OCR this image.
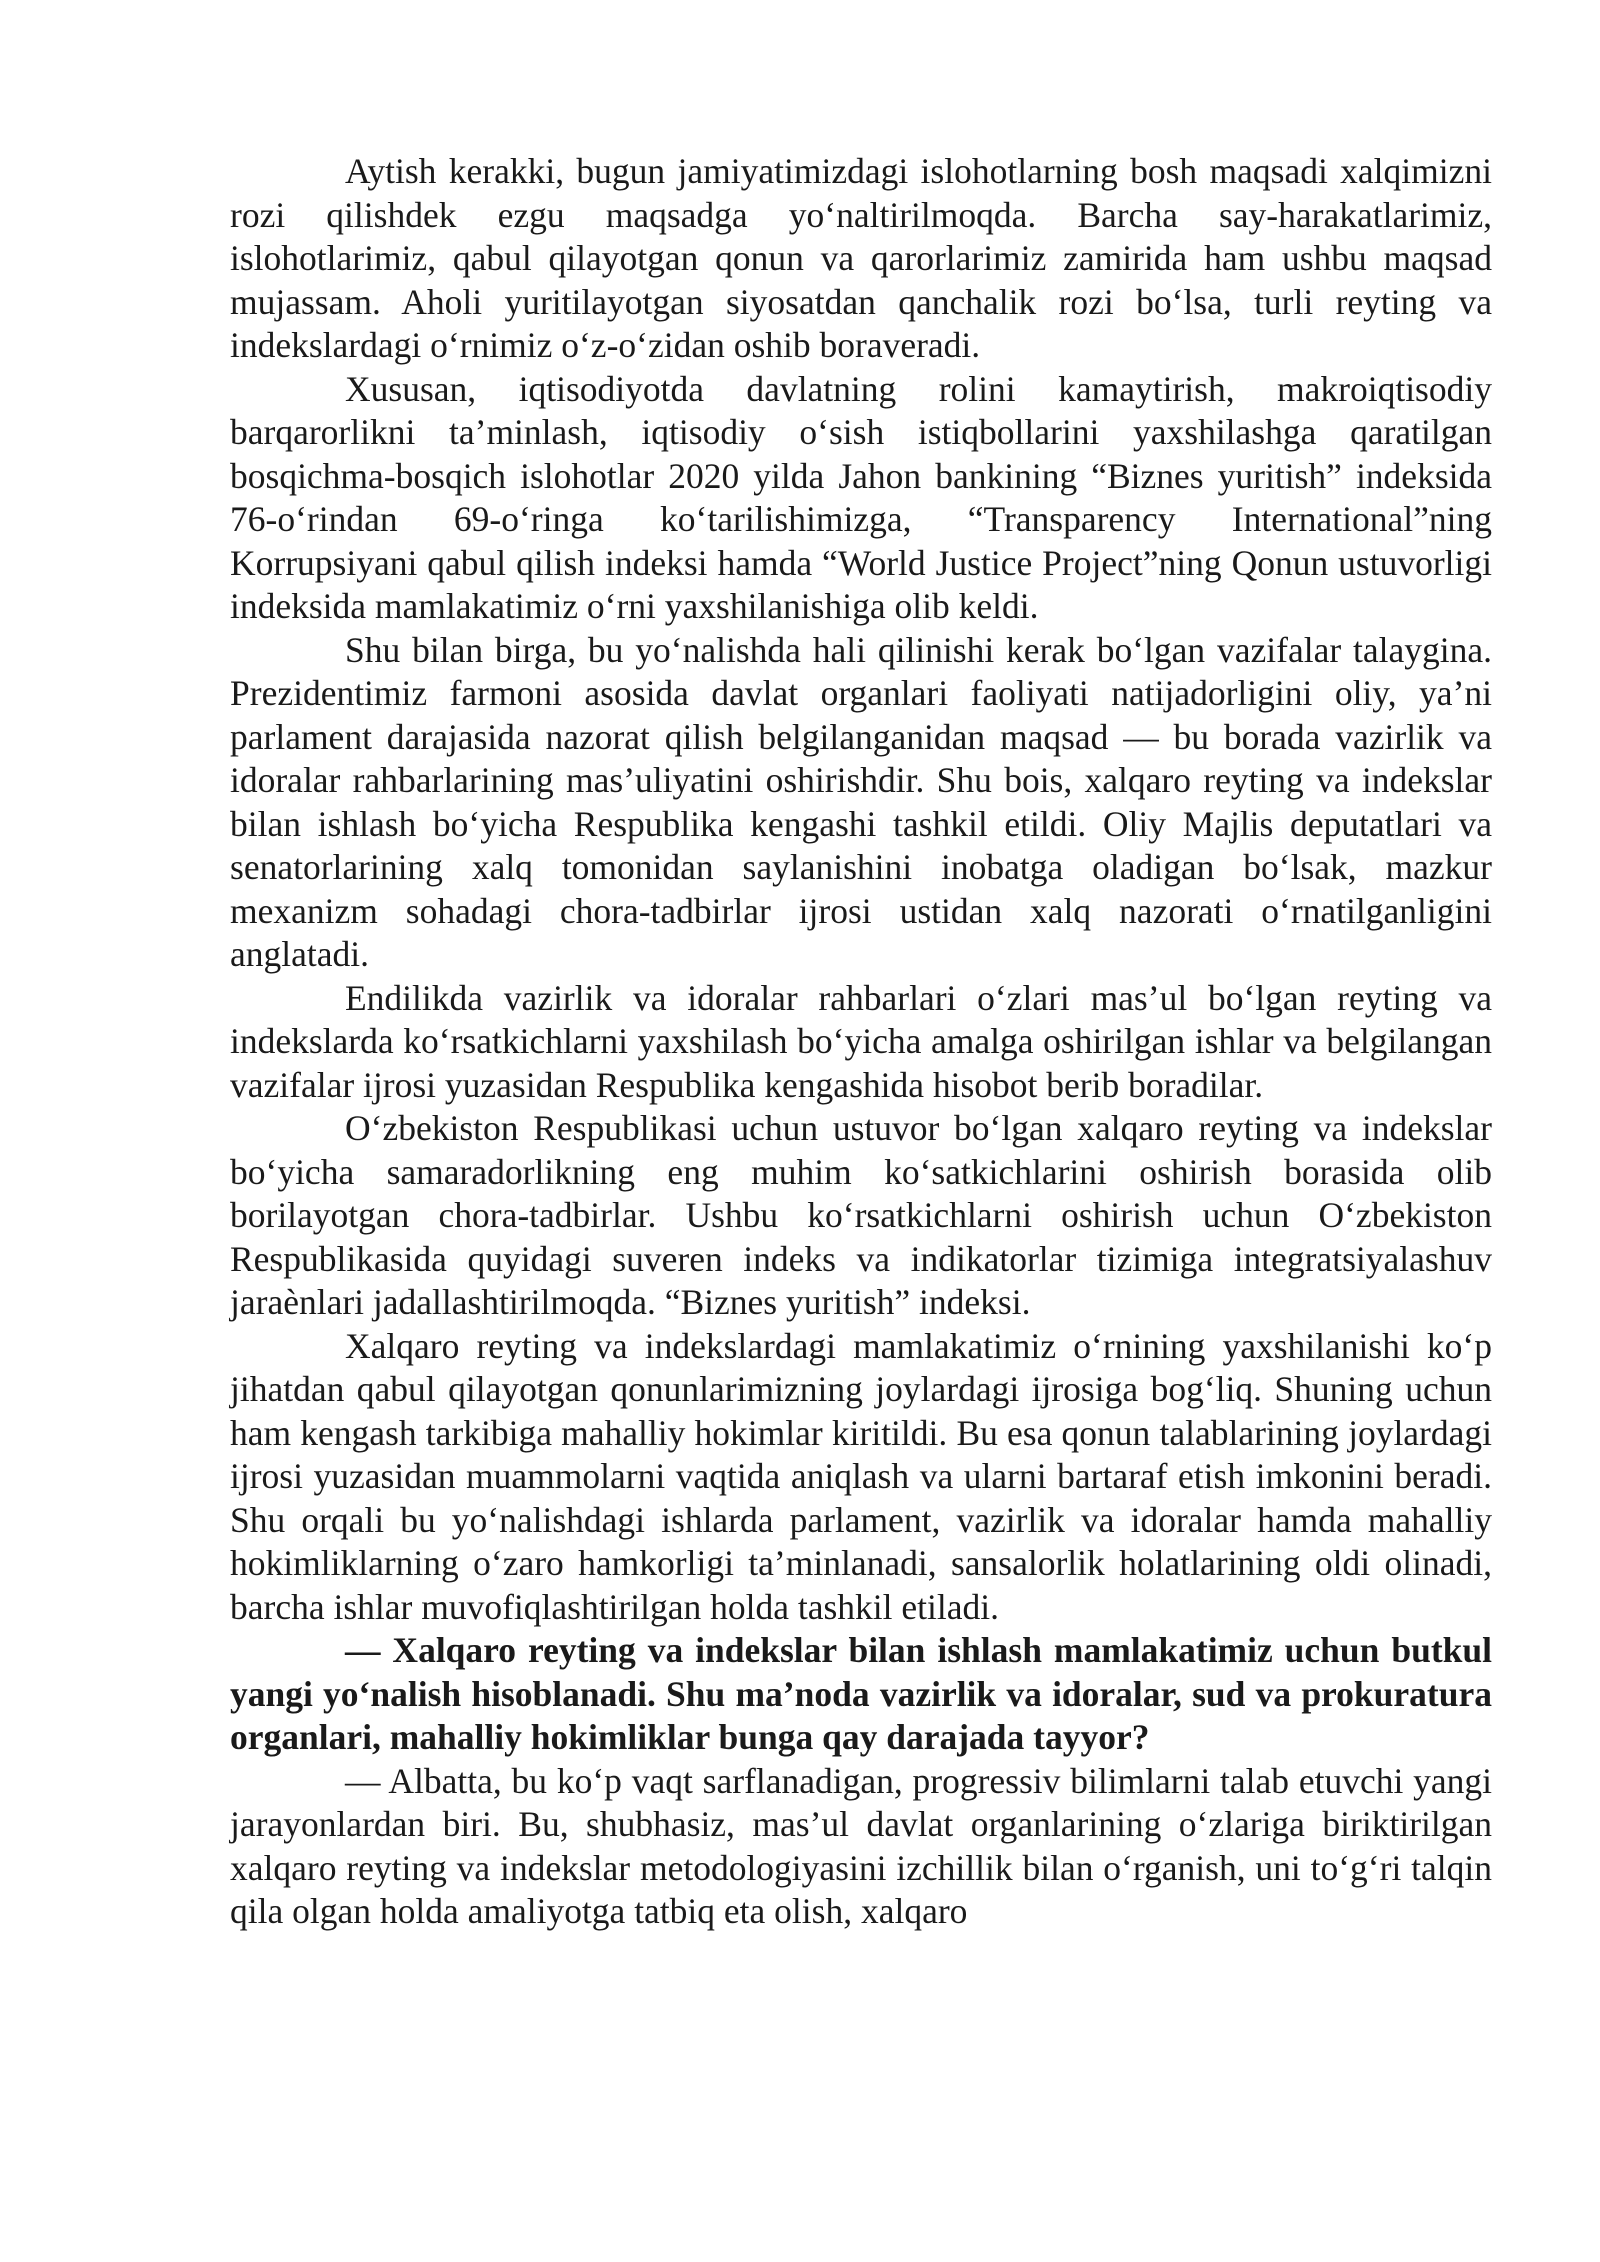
Aytish kerakki, bugun jamiyatimizdagi islohotlarning bosh maqsadi xalqimizni rozi qilishdek ezgu maqsadga yo‘naltirilmoqda. Barcha say-harakatlarimiz, islohotlarimiz, qabul qilayotgan qonun va qarorlarimiz zamirida ham ushbu maqsad mujassam. Aholi yuritilayotgan siyosatdan qanchalik rozi bo‘lsa, turli reyting va indekslardagi o‘rnimiz o‘z-o‘zidan oshib boraveradi.

Xususan, iqtisodiyotda davlatning rolini kamaytirish, makroiqtisodiy barqarorlikni ta’minlash, iqtisodiy o‘sish istiqbollarini yaxshilashga qaratilgan bosqichma-bosqich islohotlar 2020 yilda Jahon bankining “Biznes yuritish” indeksida 76-o‘rindan 69-o‘ringa ko‘tarilishimizga, “Transparency International”ning Korrupsiyani qabul qilish indeksi hamda “World Justice Project”ning Qonun ustuvorligi indeksida mamlakatimiz o‘rni yaxshilanishiga olib keldi.

Shu bilan birga, bu yo‘nalishda hali qilinishi kerak bo‘lgan vazifalar talaygina. Prezidentimiz farmoni asosida davlat organlari faoliyati natijadorligini oliy, ya’ni parlament darajasida nazorat qilish belgilanganidan maqsad — bu borada vazirlik va idoralar rahbarlarining mas’uliyatini oshirishdir. Shu bois, xalqaro reyting va indekslar bilan ishlash bo‘yicha Respublika kengashi tashkil etildi. Oliy Majlis deputatlari va senatorlarining xalq tomonidan saylanishini inobatga oladigan bo‘lsak, mazkur mexanizm sohadagi chora-tadbirlar ijrosi ustidan xalq nazorati o‘rnatilganligini anglatadi.

Endilikda vazirlik va idoralar rahbarlari o‘zlari mas’ul bo‘lgan reyting va indekslarda ko‘rsatkichlarni yaxshilash bo‘yicha amalga oshirilgan ishlar va belgilangan vazifalar ijrosi yuzasidan Respublika kengashida hisobot berib boradilar.

O‘zbekiston Respublikasi uchun ustuvor bo‘lgan xalqaro reyting va indekslar bo‘yicha samaradorlikning eng muhim ko‘satkichlarini oshirish borasida olib borilayotgan chora-tadbirlar. Ushbu ko‘rsatkichlarni oshirish uchun O‘zbekiston Respublikasida quyidagi suveren indeks va indikatorlar tizimiga integratsiyalashuv jaraènlari jadallashtirilmoqda. “Biznes yuritish” indeksi.

Xalqaro reyting va indekslardagi mamlakatimiz o‘rnining yaxshilanishi ko‘p jihatdan qabul qilayotgan qonunlarimizning joylardagi ijrosiga bog‘liq. Shuning uchun ham kengash tarkibiga mahalliy hokimlar kiritildi. Bu esa qonun talablarining joylardagi ijrosi yuzasidan muammolarni vaqtida aniqlash va ularni bartaraf etish imkonini beradi. Shu orqali bu yo‘nalishdagi ishlarda parlament, vazirlik va idoralar hamda mahalliy hokimliklarning o‘zaro hamkorligi ta’minlanadi, sansalorlik holatlarining oldi olinadi, barcha ishlar muvofiqlashtirilgan holda tashkil etiladi.

— Xalqaro reyting va indekslar bilan ishlash mamlakatimiz uchun butkul yangi yo‘nalish hisoblanadi. Shu ma’noda vazirlik va idoralar, sud va prokuratura organlari, mahalliy hokimliklar bunga qay darajada tayyor?

— Albatta, bu ko‘p vaqt sarflanadigan, progressiv bilimlarni talab etuvchi yangi jarayonlardan biri. Bu, shubhasiz, mas’ul davlat organlarining o‘zlariga biriktirilgan xalqaro reyting va indekslar metodologiyasini izchillik bilan o‘rganish, uni to‘g‘ri talqin qila olgan holda amaliyotga tatbiq eta olish, xalqaro
